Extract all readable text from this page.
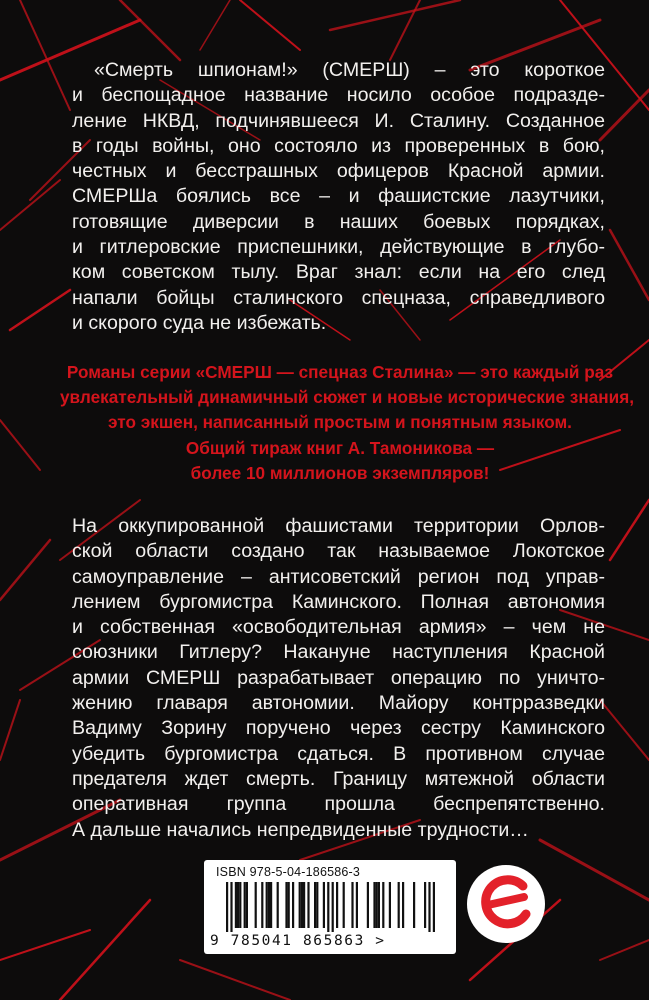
«Смерть шпионам!» (СМЕРШ) – это короткое
и беспощадное название носило особое подразде-
ление НКВД, подчинявшееся И. Сталину. Созданное
в годы войны, оно состояло из проверенных в бою,
честных и бесстрашных офицеров Красной армии.
СМЕРШа боялись все – и фашистские лазутчики,
готовящие диверсии в наших боевых порядках,
и гитлеровские приспешники, действующие в глубо-
ком советском тылу. Враг знал: если на его след
напали бойцы сталинского спецназа, справедливого
и скорого суда не избежать.
Романы серии «СМЕРШ — спецназ Сталина» — это каждый раз
увлекательный динамичный сюжет и новые исторические знания,
это экшен, написанный простым и понятным языком.
Общий тираж книг А. Тамоникова —
более 10 миллионов экземпляров!
На оккупированной фашистами территории Орлов-
ской области создано так называемое Локотское
самоуправление – антисоветский регион под управ-
лением бургомистра Каминского. Полная автономия
и собственная «освободительная армия» – чем не
союзники Гитлеру? Накануне наступления Красной
армии СМЕРШ разрабатывает операцию по уничто-
жению главаря автономии. Майору контрразведки
Вадиму Зорину поручено через сестру Каминского
убедить бургомистра сдаться. В противном случае
предателя ждет смерть. Границу мятежной области
оперативная группа прошла беспрепятственно.
А дальше начались непредвиденные трудности…
ISBN 978-5-04-186586-3
9 785041 865863 >
